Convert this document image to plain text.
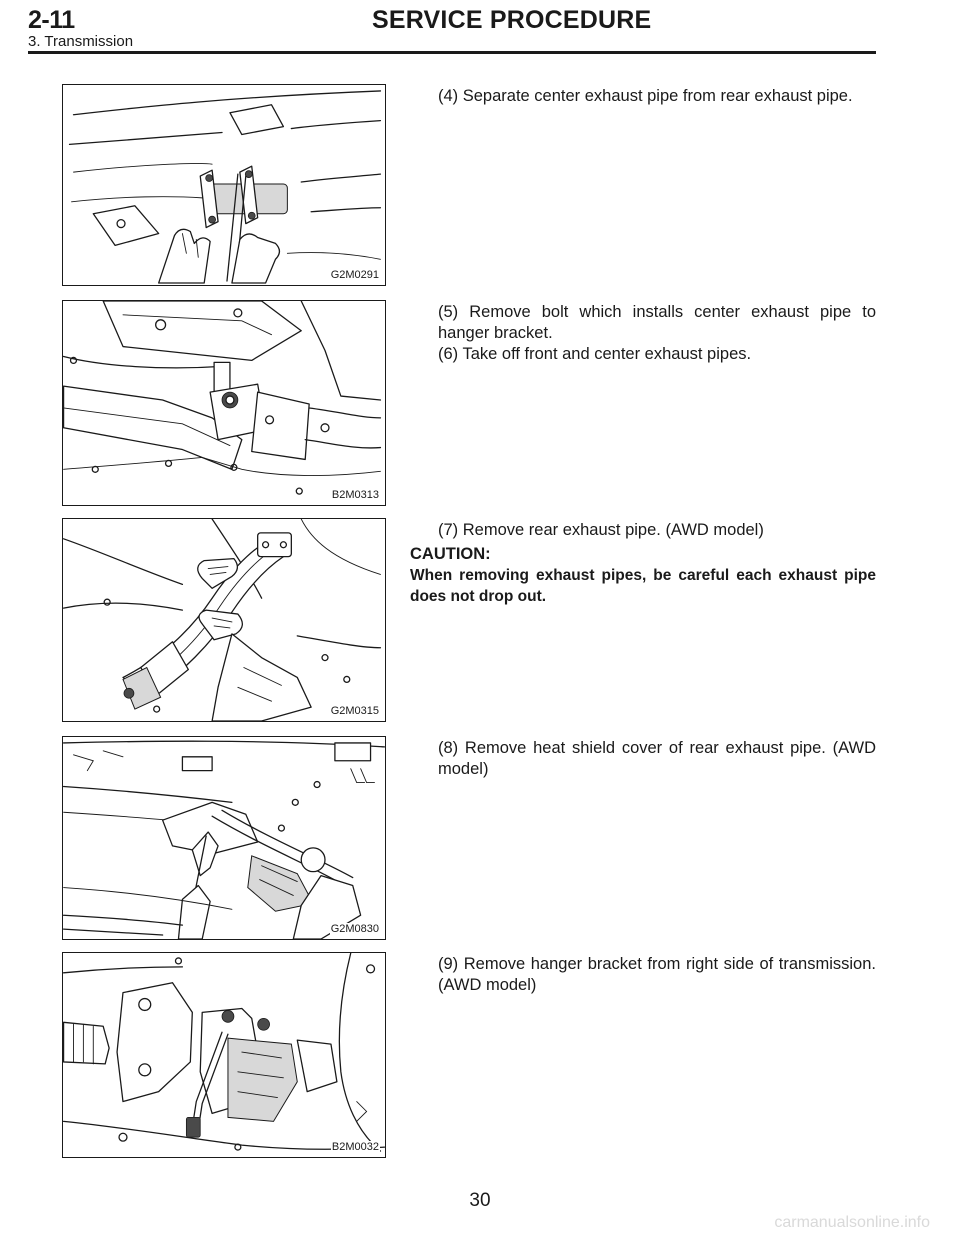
2-11	SERVICE PROCEDURE
3. Transmission
G2M0291

(4) Separate center exhaust pipe from rear exhaust pipe.

B2M0313

(5) Remove bolt which installs center exhaust pipe to hanger bracket.

(6) Take off front and center exhaust pipes.

G2M0315

(7) Remove rear exhaust pipe. (AWD model)

CAUTION:

When removing exhaust pipes, be careful each exhaust pipe does not drop out.

G2M0830

(8) Remove heat shield cover of rear exhaust pipe. (AWD model)

B2M0032

(9) Remove hanger bracket from right side of transmission. (AWD model)

30
carmanualsonline.info
